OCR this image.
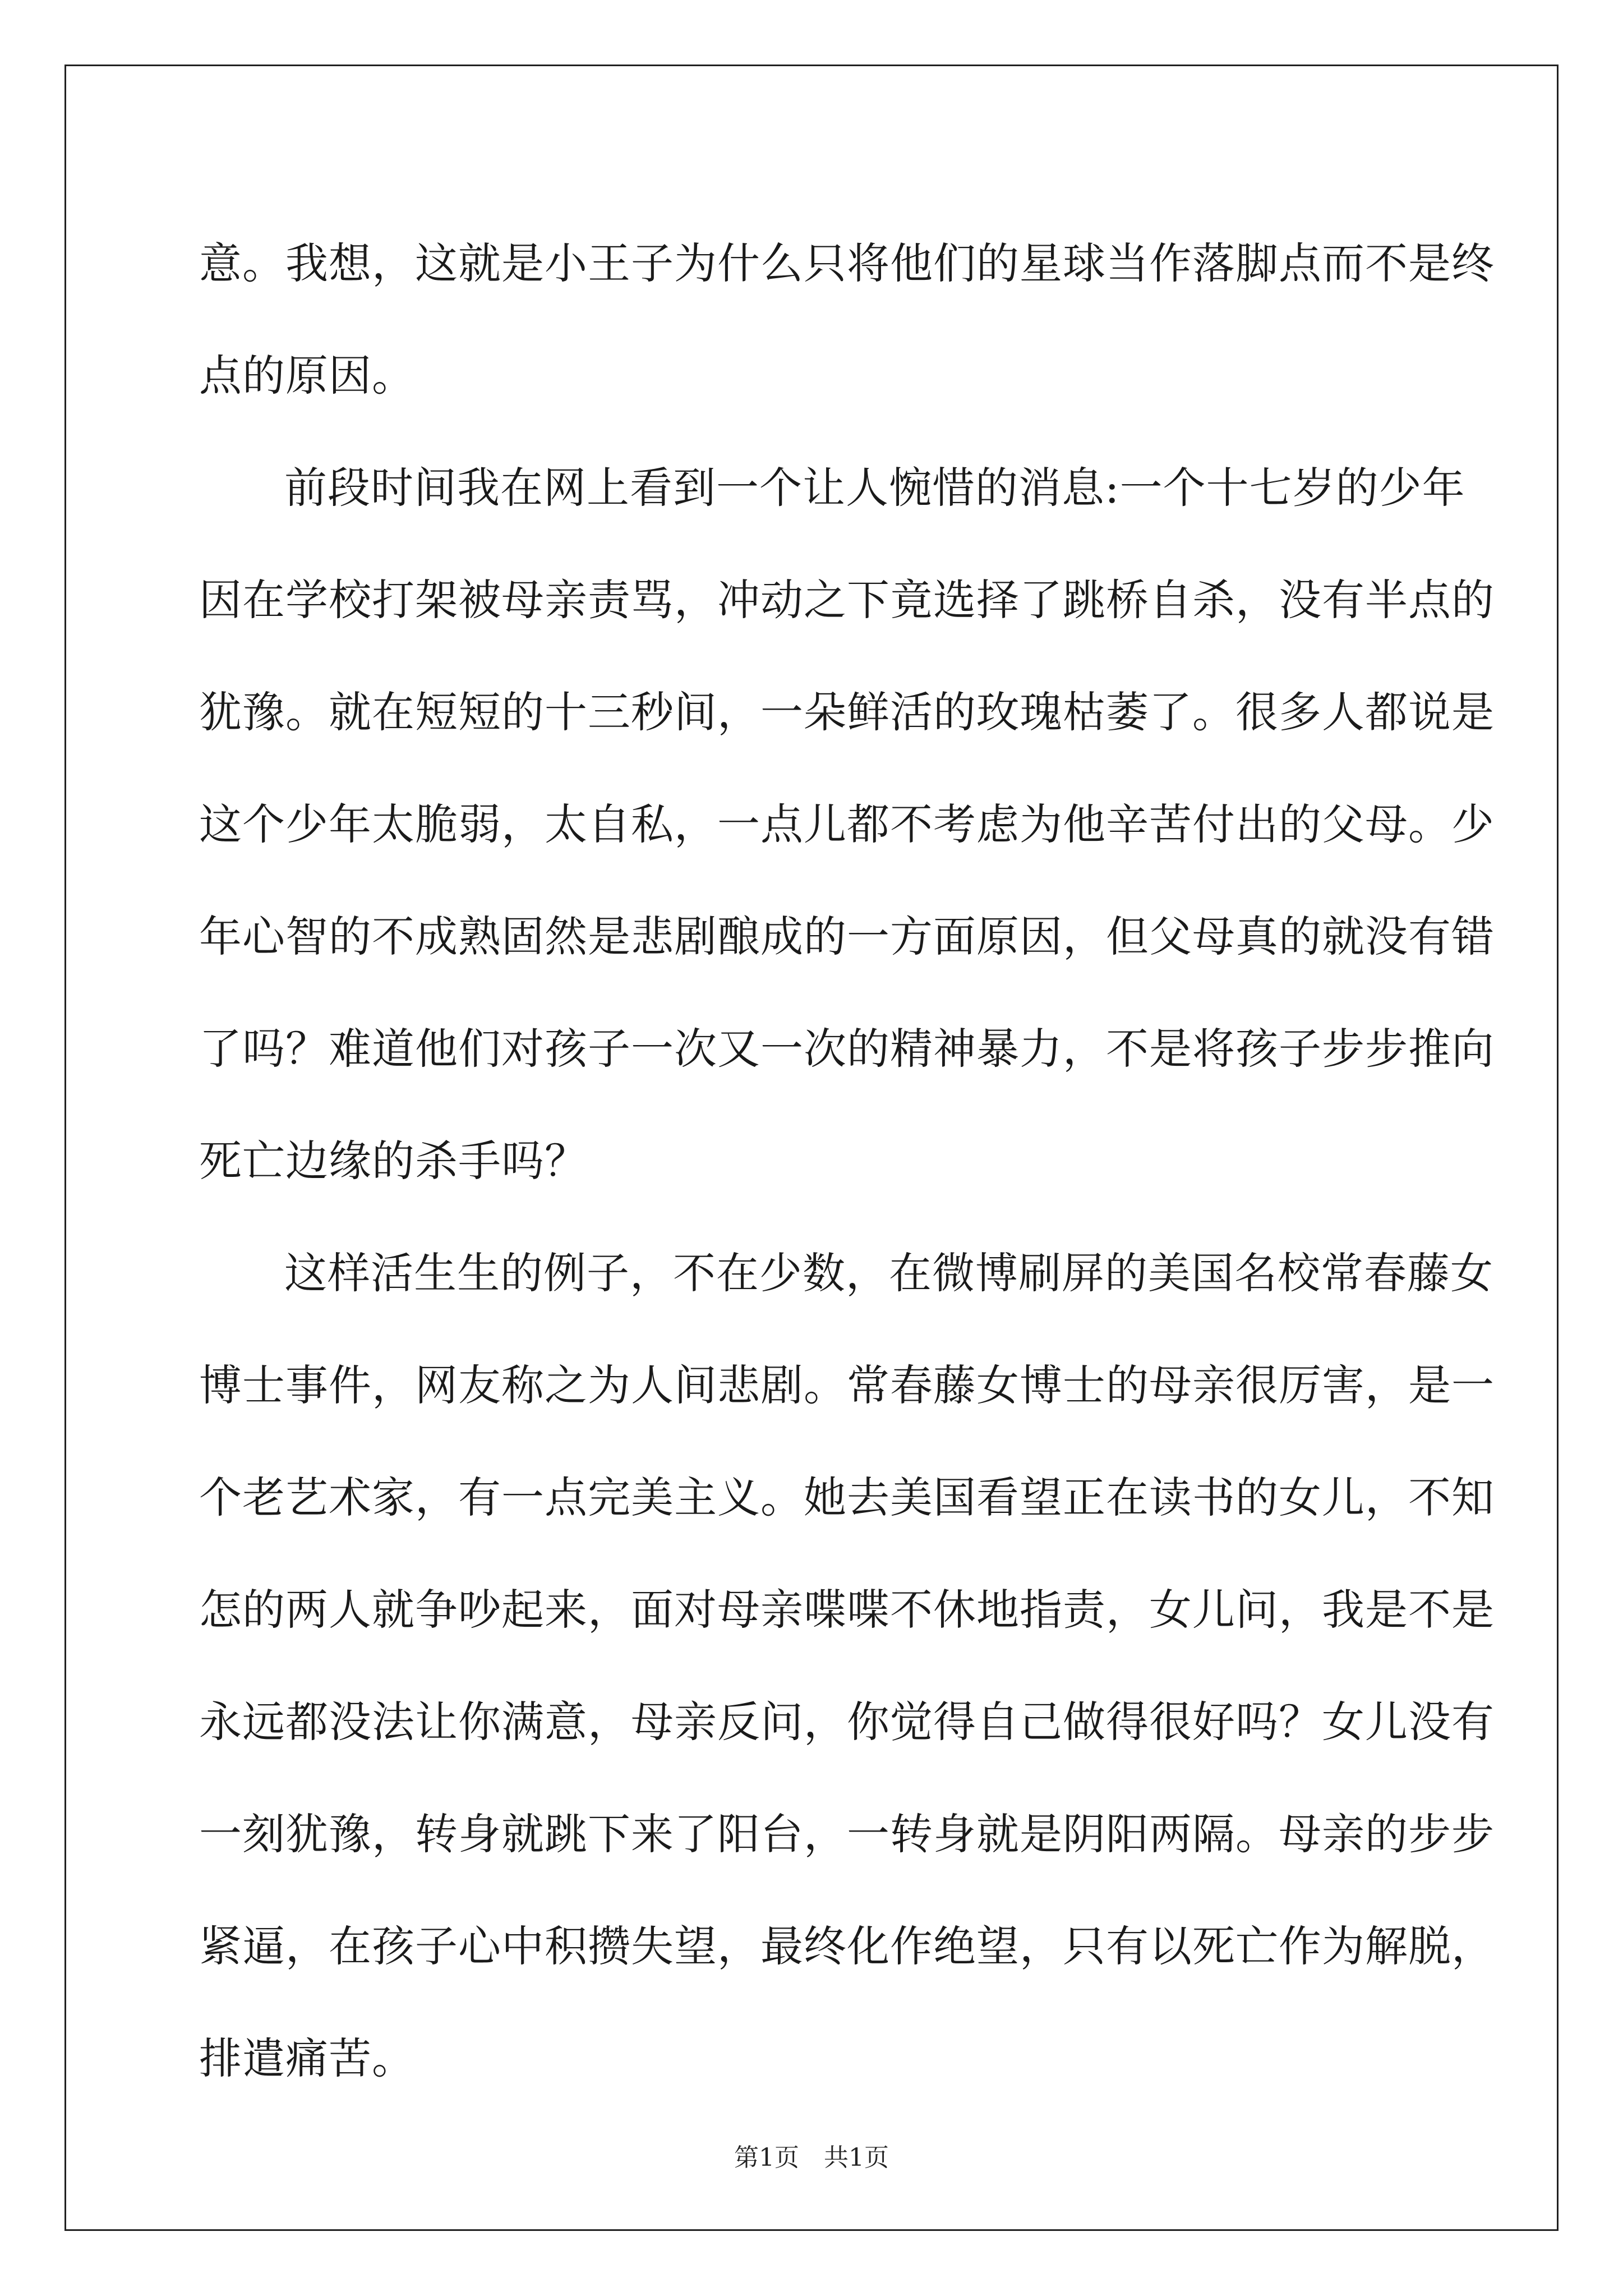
意。我想，这就是小王子为什么只将他们的星球当作落脚点而不是终
点的原因。
前段时间我在网上看到一个让人惋惜的消息:一个十七岁的少年
因在学校打架被母亲责骂，冲动之下竟选择了跳桥自杀，没有半点的
犹豫。就在短短的十三秒间，一朵鲜活的玫瑰枯萎了。很多人都说是
这个少年太脆弱，太自私，一点儿都不考虑为他辛苦付出的父母。少
年心智的不成熟固然是悲剧酿成的一方面原因，但父母真的就没有错
了吗？难道他们对孩子一次又一次的精神暴力，不是将孩子步步推向
死亡边缘的杀手吗？
这样活生生的例子，不在少数，在微博刷屏的美国名校常春藤女
博士事件，网友称之为人间悲剧。常春藤女博士的母亲很厉害，是一
个老艺术家，有一点完美主义。她去美国看望正在读书的女儿，不知
怎的两人就争吵起来，面对母亲喋喋不休地指责，女儿问，我是不是
永远都没法让你满意，母亲反问，你觉得自己做得很好吗？女儿没有
一刻犹豫，转身就跳下来了阳台，一转身就是阴阳两隔。母亲的步步
紧逼，在孩子心中积攒失望，最终化作绝望，只有以死亡作为解脱，
排遣痛苦。
第1页　共1页
